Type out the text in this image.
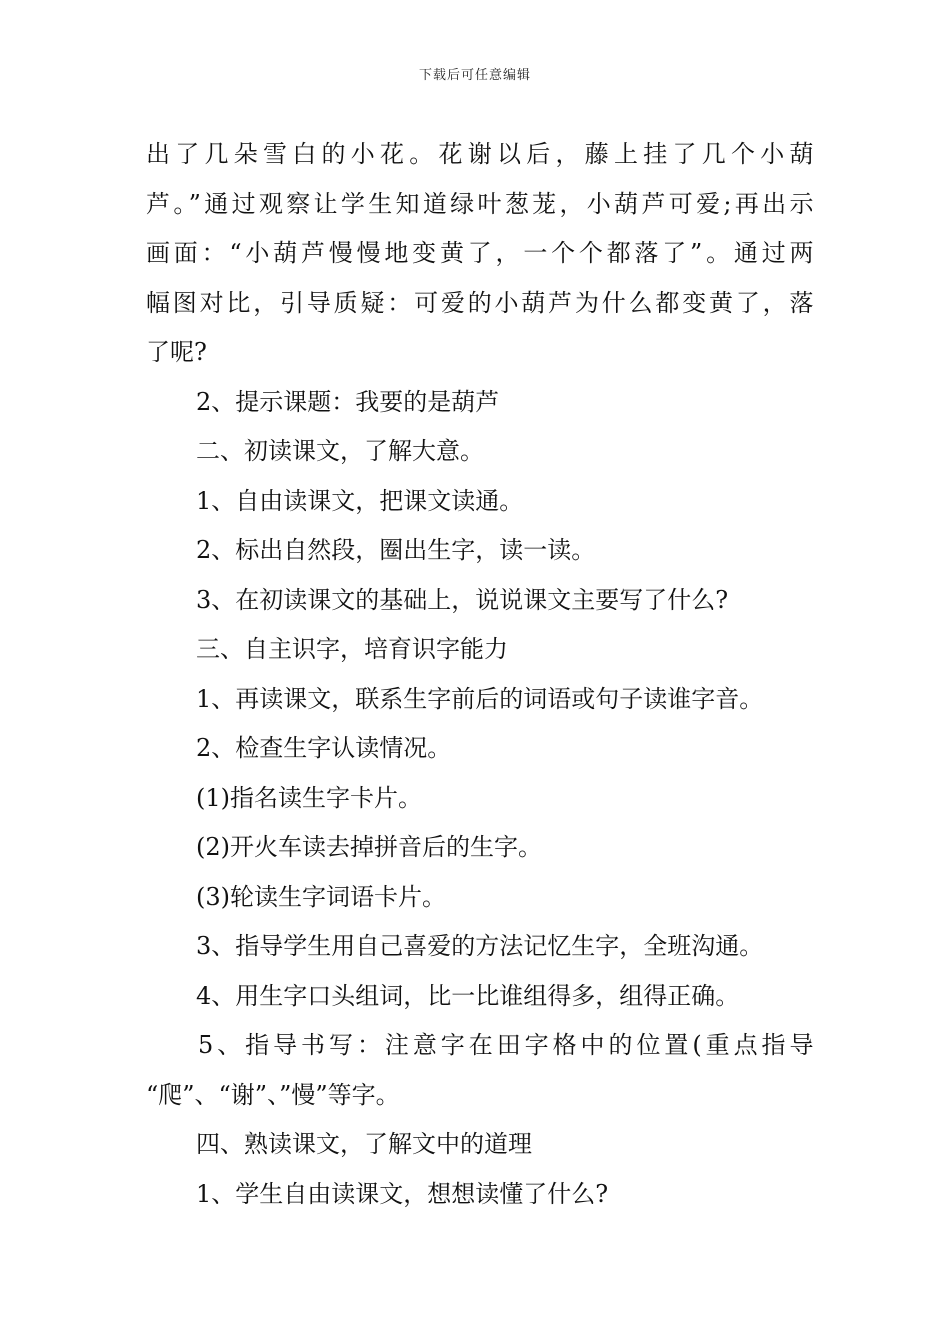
下载后可任意编辑

出了几朵雪白的小花。花谢以后，藤上挂了几个小葫

芦。”通过观察让学生知道绿叶葱茏，小葫芦可爱;再出示

画面：“小葫芦慢慢地变黄了，一个个都落了”。通过两

幅图对比，引导质疑：可爱的小葫芦为什么都变黄了，落

了呢?

2、提示课题：我要的是葫芦

二、初读课文，了解大意。

1、自由读课文，把课文读通。

2、标出自然段，圈出生字，读一读。

3、在初读课文的基础上，说说课文主要写了什么?

三、自主识字，培育识字能力

1、再读课文，联系生字前后的词语或句子读谁字音。

2、检查生字认读情况。

(1)指名读生字卡片。

(2)开火车读去掉拼音后的生字。

(3)轮读生字词语卡片。

3、指导学生用自己喜爱的方法记忆生字，全班沟通。

4、用生字口头组词，比一比谁组得多，组得正确。

5、指导书写：注意字在田字格中的位置(重点指导

“爬”、“谢”、”慢”等字。

四、熟读课文，了解文中的道理

1、学生自由读课文，想想读懂了什么?
